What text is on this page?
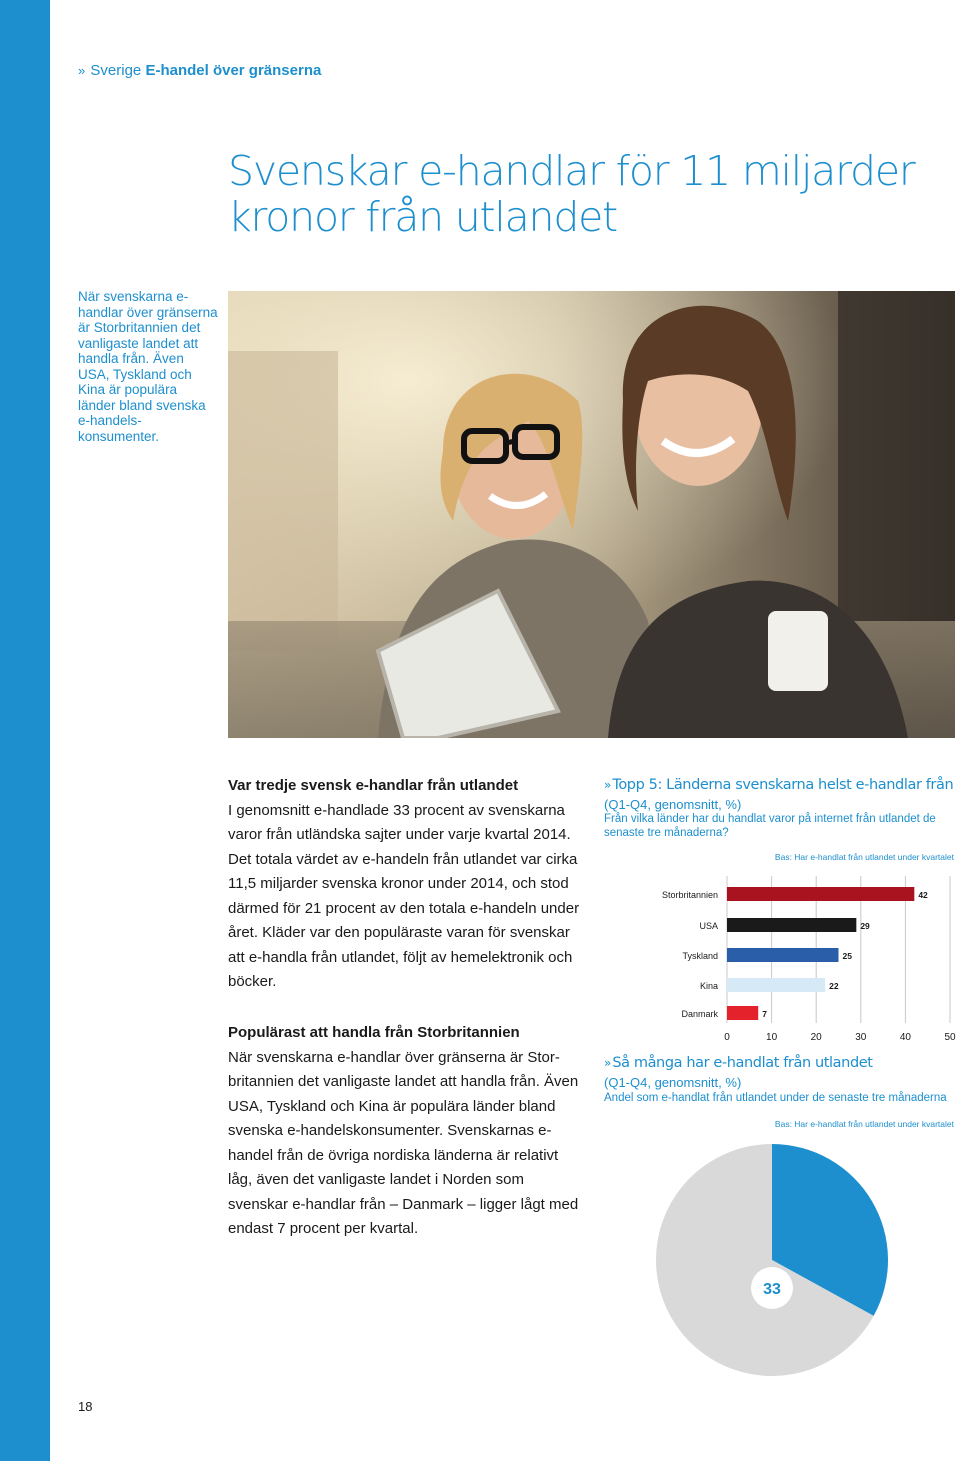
» Sverige E-handel över gränserna
Svenskar e-handlar för 11 miljarder
kronor från utlandet
När svenskarna e-handlar över gränserna är Storbritannien det vanligaste landet att handla från. Även USA, Tyskland och Kina är populära länder bland svenska e-handelskonsumenter.
Var tredje svensk e-handlar från utlandet
I genomsnitt e-handlade 33 procent av svenskarna varor från utländska sajter under varje kvartal 2014. Det totala värdet av e-handeln från utlandet var cirka 11,5 miljarder svenska kronor under 2014, och stod därmed för 21 procent av den totala e-handeln under året. Kläder var den populäraste varan för svenskar att e-handla från utlandet, följt av hemelektronik och böcker.
Populärast att handla från Storbritannien
När svenskarna e-handlar över gränserna är Storbritannien det vanligaste landet att handla från. Även USA, Tyskland och Kina är populära länder bland svenska e-handelskonsumenter. Svenskarnas e-handel från de övriga nordiska länderna är relativt låg, även det vanligaste landet i Norden som svenskar e-handlar från – Danmark – ligger lågt med endast 7 procent per kvartal.
» Topp 5: Länderna svenskarna helst e-handlar från
(Q1-Q4, genomsnitt, %)
Från vilka länder har du handlat varor på internet från utlandet de senaste tre månaderna?
Bas: Har e-handlat från utlandet under kvartalet
0	10	20	30	40	50
Storbritannien	42
USA	29
Tyskland	25
Kina	22
Danmark	7
» Så många har e-handlat från utlandet
(Q1-Q4, genomsnitt, %)
Andel som e-handlat från utlandet under de senaste tre månaderna
Bas: Har e-handlat från utlandet under kvartalet
33
18
